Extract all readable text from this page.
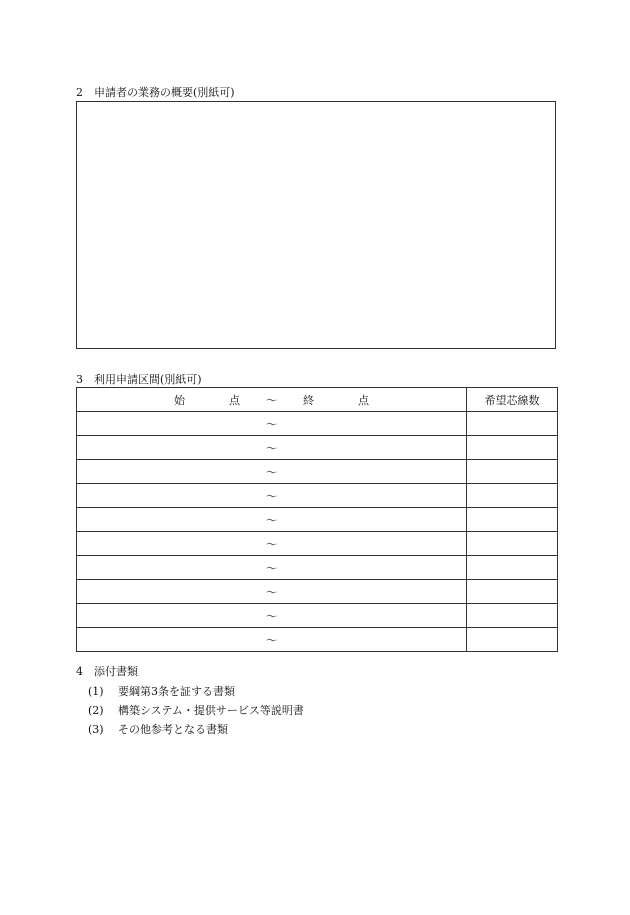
2 申請者の業務の概要(別紙可)
3 利用申請区間(別紙可)
始 点 〜 終 点	希望芯線数
〜	
〜	
〜	
〜	
〜	
〜	
〜	
〜	
〜	
〜	
4 添付書類
(1) 要綱第3条を証する書類
(2) 構築システム・提供サービス等説明書
(3) その他参考となる書類
